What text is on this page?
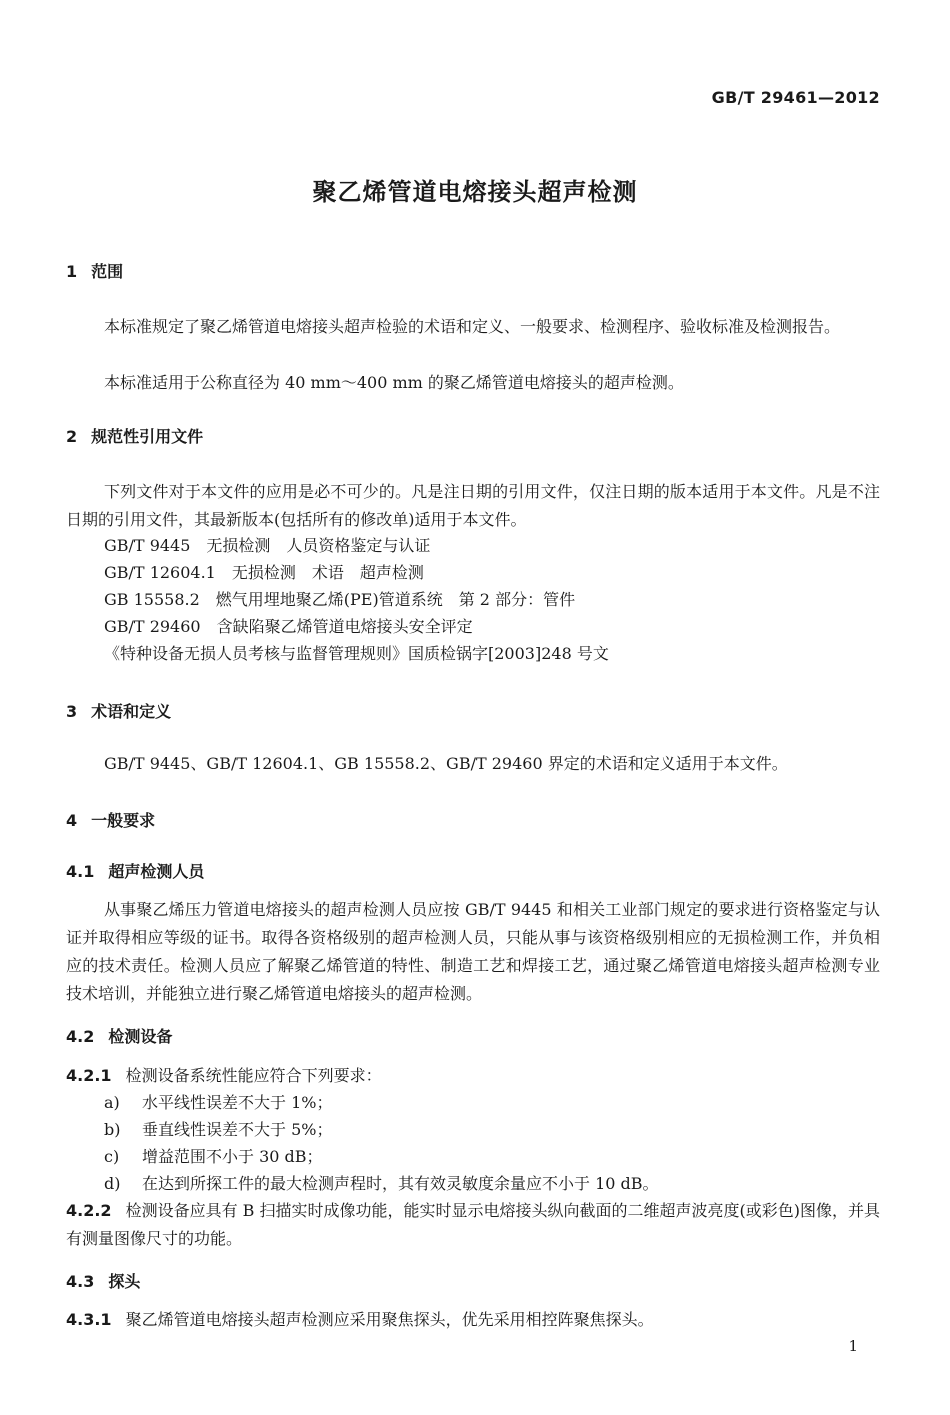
GB/T 29461—2012
聚乙烯管道电熔接头超声检测
1 范围
本标准规定了聚乙烯管道电熔接头超声检验的术语和定义、一般要求、检测程序、验收标准及检测报告。
本标准适用于公称直径为 40 mm～400 mm 的聚乙烯管道电熔接头的超声检测。
2 规范性引用文件
下列文件对于本文件的应用是必不可少的。凡是注日期的引用文件，仅注日期的版本适用于本文件。凡是不注日期的引用文件，其最新版本(包括所有的修改单)适用于本文件。
GB/T 9445　无损检测　人员资格鉴定与认证
GB/T 12604.1　无损检测　术语　超声检测
GB 15558.2　燃气用埋地聚乙烯(PE)管道系统　第 2 部分：管件
GB/T 29460　含缺陷聚乙烯管道电熔接头安全评定
《特种设备无损人员考核与监督管理规则》国质检锅字[2003]248 号文
3 术语和定义
GB/T 9445、GB/T 12604.1、GB 15558.2、GB/T 29460 界定的术语和定义适用于本文件。
4 一般要求
4.1 超声检测人员
从事聚乙烯压力管道电熔接头的超声检测人员应按 GB/T 9445 和相关工业部门规定的要求进行资格鉴定与认证并取得相应等级的证书。取得各资格级别的超声检测人员，只能从事与该资格级别相应的无损检测工作，并负相应的技术责任。检测人员应了解聚乙烯管道的特性、制造工艺和焊接工艺，通过聚乙烯管道电熔接头超声检测专业技术培训，并能独立进行聚乙烯管道电熔接头的超声检测。
4.2 检测设备
4.2.1 检测设备系统性能应符合下列要求：
a) 水平线性误差不大于 1%；
b) 垂直线性误差不大于 5%；
c) 增益范围不小于 30 dB；
d) 在达到所探工件的最大检测声程时，其有效灵敏度余量应不小于 10 dB。
4.2.2 检测设备应具有 B 扫描实时成像功能，能实时显示电熔接头纵向截面的二维超声波亮度(或彩色)图像，并具有测量图像尺寸的功能。
4.3 探头
4.3.1 聚乙烯管道电熔接头超声检测应采用聚焦探头，优先采用相控阵聚焦探头。
1
